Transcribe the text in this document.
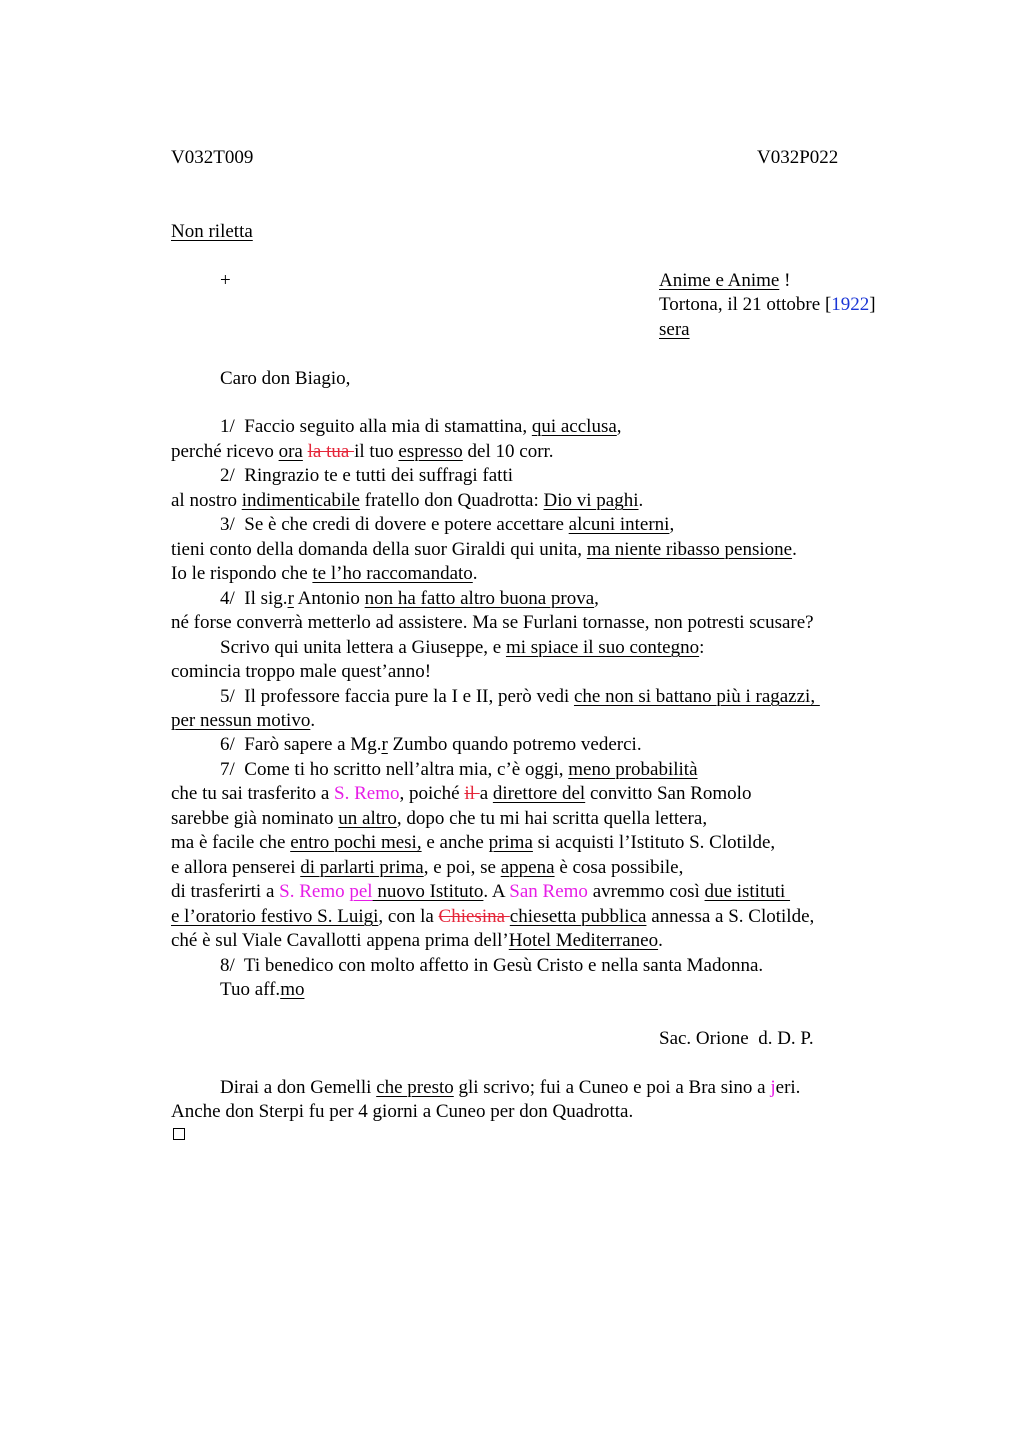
V032T009	V032P022
Non riletta
+	Anime e Anime !
Tortona, il 21 ottobre [1922]
sera
Caro don Biagio,
1/  Faccio seguito alla mia di stamattina, qui acclusa,
perché ricevo ora la tua il tuo espresso del 10 corr.
2/  Ringrazio te e tutti dei suffragi fatti
al nostro indimenticabile fratello don Quadrotta: Dio vi paghi.
3/  Se è che credi di dovere e potere accettare alcuni interni,
tieni conto della domanda della suor Giraldi qui unita, ma niente ribasso pensione.
Io le rispondo che te l’ho raccomandato.
4/  Il sig.r Antonio non ha fatto altro buona prova,
né forse converrà metterlo ad assistere. Ma se Furlani tornasse, non potresti scusare?
Scrivo qui unita lettera a Giuseppe, e mi spiace il suo contegno:
comincia troppo male quest’anno!
5/  Il professore faccia pure la I e II, però vedi che non si battano più i ragazzi,
per nessun motivo.
6/  Farò sapere a Mg.r Zumbo quando potremo vederci.
7/  Come ti ho scritto nell’altra mia, c’è oggi, meno probabilità
che tu sai trasferito a S. Remo, poiché il a direttore del convitto San Romolo
sarebbe già nominato un altro, dopo che tu mi hai scritta quella lettera,
ma è facile che entro pochi mesi, e anche prima si acquisti l’Istituto S. Clotilde,
e allora penserei di parlarti prima, e poi, se appena è cosa possibile,
di trasferirti a S. Remo pel nuovo Istituto. A San Remo avremmo così due istituti
e l’oratorio festivo S. Luigi, con la Chiesina chiesetta pubblica annessa a S. Clotilde,
ché è sul Viale Cavallotti appena prima dell’Hotel Mediterraneo.
8/  Ti benedico con molto affetto in Gesù Cristo e nella santa Madonna.
Tuo aff.mo
Sac. Orione  d. D. P.
Dirai a don Gemelli che presto gli scrivo; fui a Cuneo e poi a Bra sino a jeri.
Anche don Sterpi fu per 4 giorni a Cuneo per don Quadrotta.
